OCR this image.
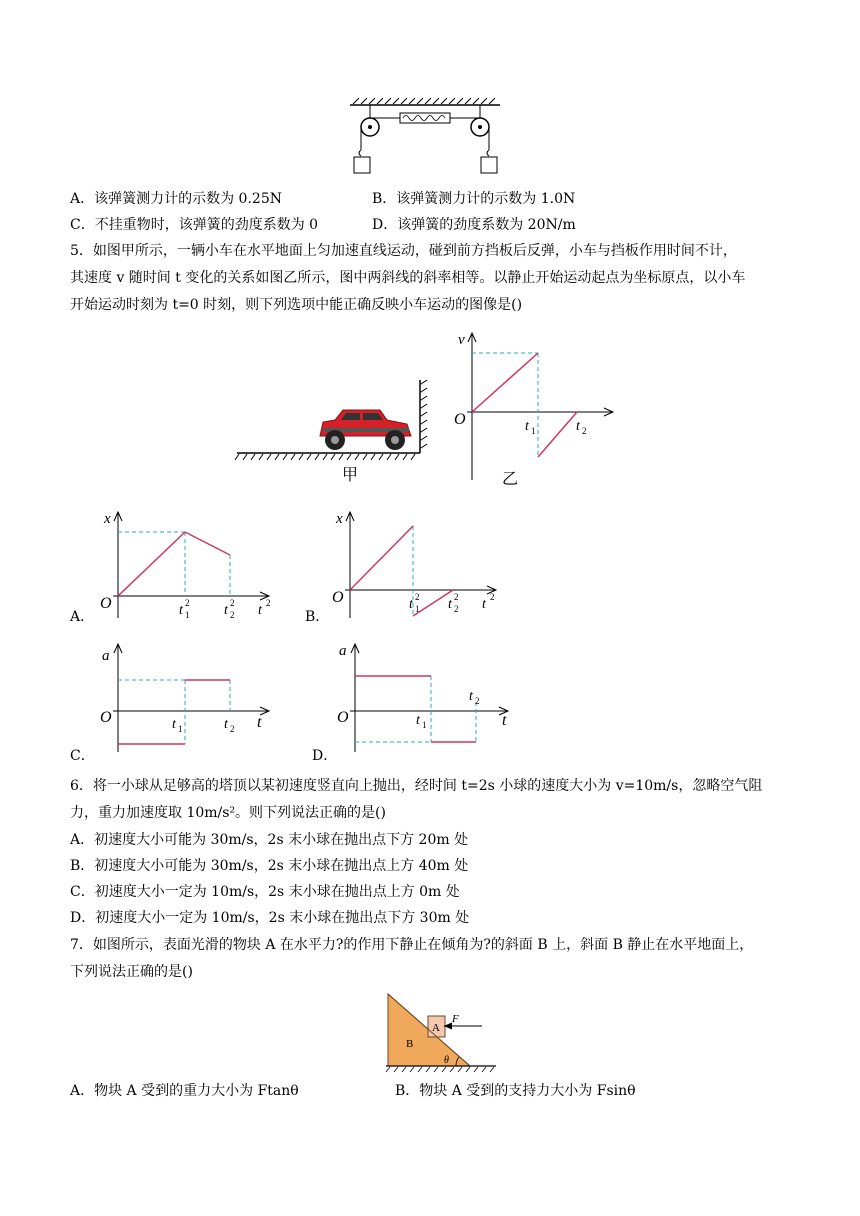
A．该弹簧测力计的示数为 0.25N	B．该弹簧测力计的示数为 1.0N
C．不挂重物时，该弹簧的劲度系数为 0	D．该弹簧的劲度系数为 20N/m
5．如图甲所示，一辆小车在水平地面上匀加速直线运动，碰到前方挡板后反弹，小车与挡板作用时间不计，
其速度 v 随时间 t 变化的关系如图乙所示，图中两斜线的斜率相等。以静止开始运动起点为坐标原点，以小车
开始运动时刻为 t=0 时刻，则下列选项中能正确反映小车运动的图像是()
甲
v
O	t 1	t 2
乙
x
O	t 1
2 t 2
2 t 2
A．
x
O	t 1
2 t 2
2 t 2
B．
a
O	t 1	t 2 t
C．
a
O	t 1
t 2
t
D．
6．将一小球从足够高的塔顶以某初速度竖直向上抛出，经时间 t=2s 小球的速度大小为 v=10m/s，忽略空气阻
力，重力加速度取 10m/s²。则下列说法正确的是()
A．初速度大小可能为 30m/s，2s 末小球在抛出点下方 20m 处
B．初速度大小可能为 30m/s，2s 末小球在抛出点上方 40m 处
C．初速度大小一定为 10m/s，2s 末小球在抛出点上方 0m 处
D．初速度大小一定为 10m/s，2s 末小球在抛出点下方 30m 处
7．如图所示，表面光滑的物块 A 在水平力?的作用下静止在倾角为?的斜面 B 上，斜面 B 静止在水平地面上，
下列说法正确的是()
A
B
F
θ
A．物块 A 受到的重力大小为 Ftanθ	B．物块 A 受到的支持力大小为 Fsinθ
